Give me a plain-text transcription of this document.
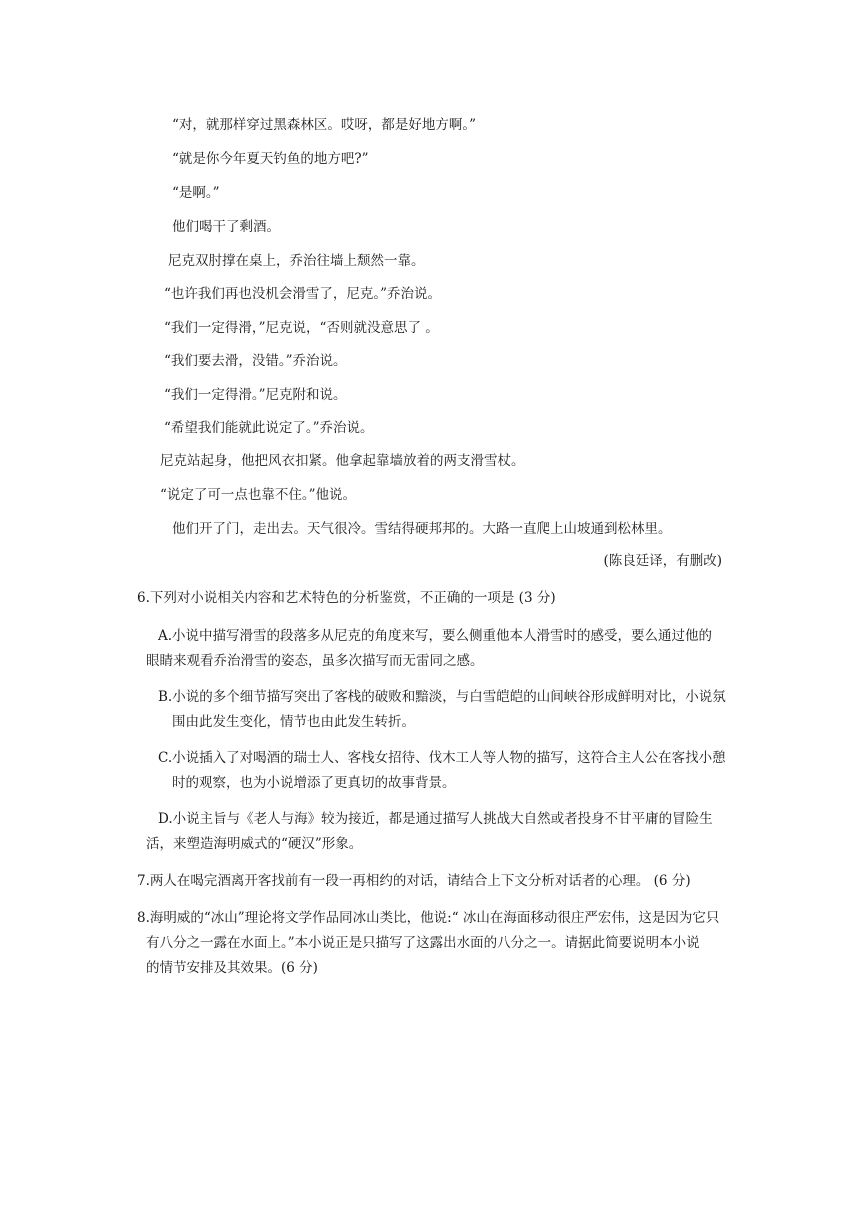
“对，就那样穿过黑森林区。哎呀，都是好地方啊。”
“就是你今年夏天钓鱼的地方吧?”
“是啊。”
他们喝干了剩酒。
尼克双肘撑在桌上，乔治往墙上颓然一靠。
“也许我们再也没机会滑雪了，尼克。”乔治说。
“我们一定得滑，”尼克说，“否则就没意思了 。
“我们要去滑，没错。”乔治说。
“我们一定得滑。”尼克附和说。
“希望我们能就此说定了。”乔治说。
尼克站起身，他把风衣扣紧。他拿起靠墙放着的两支滑雪杖。
“说定了可一点也靠不住。”他说。
他们开了门，走出去。天气很冷。雪结得硬邦邦的。大路一直爬上山坡通到松林里。
(陈良廷译，有删改)
6.下列对小说相关内容和艺术特色的分析鉴赏，不正确的一项是 (3 分)
A.小说中描写滑雪的段落多从尼克的角度来写，要么侧重他本人滑雪时的感受，要么通过他的
眼睛来观看乔治滑雪的姿态，虽多次描写而无雷同之感。
B.小说的多个细节描写突出了客栈的破败和黯淡，与白雪皑皑的山间峡谷形成鲜明对比，小说氛
围由此发生变化，情节也由此发生转折。
C.小说插入了对喝酒的瑞士人、客栈女招待、伐木工人等人物的描写，这符合主人公在客找小憩
时的观察，也为小说增添了更真切的故事背景。
D.小说主旨与《老人与海》较为接近，都是通过描写人挑战大自然或者投身不甘平庸的冒险生
活，来塑造海明威式的“硬汉”形象。
7.两人在喝完酒离开客找前有一段一再相约的对话，请结合上下文分析对话者的心理。 (6 分)
8.海明威的“冰山”理论将文学作品同冰山类比，他说:“ 冰山在海面移动很庄严宏伟，这是因为它只
有八分之一露在水面上。”本小说正是只描写了这露出水面的八分之一。请据此简要说明本小说
的情节安排及其效果。(6 分)
